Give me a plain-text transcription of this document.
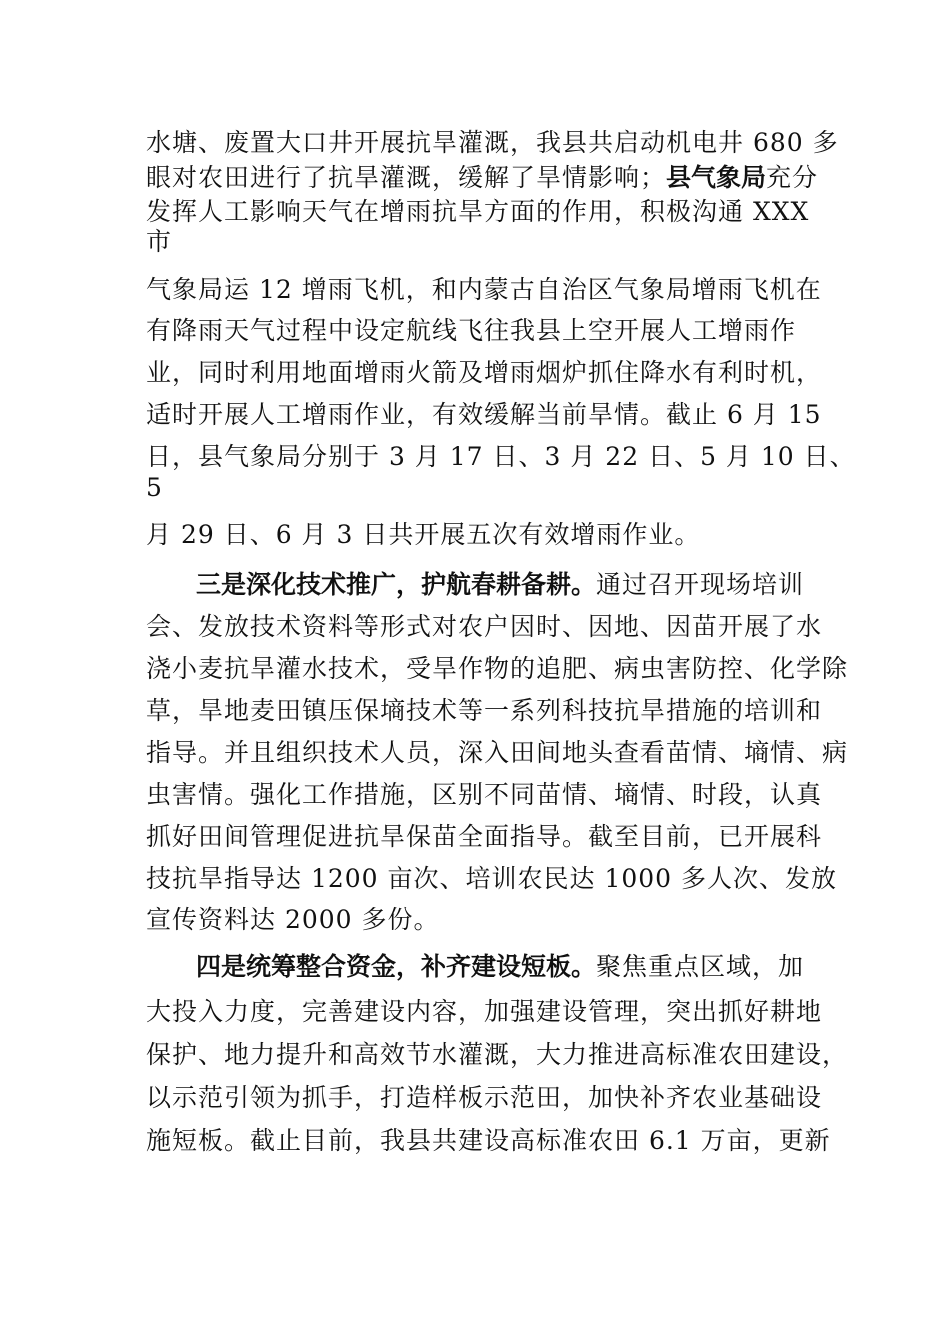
水塘、废置大口井开展抗旱灌溉，我县共启动机电井 680 多
眼对农田进行了抗旱灌溉，缓解了旱情影响；县气象局充分
发挥人工影响天气在增雨抗旱方面的作用，积极沟通 XXX
市
气象局运 12 增雨飞机，和内蒙古自治区气象局增雨飞机在
有降雨天气过程中设定航线飞往我县上空开展人工增雨作
业，同时利用地面增雨火箭及增雨烟炉抓住降水有利时机，
适时开展人工增雨作业，有效缓解当前旱情。截止 6 月 15
日，县气象局分别于 3 月 17 日、3 月 22 日、5 月 10 日、
5
月 29 日、6 月 3 日共开展五次有效增雨作业。
三是深化技术推广，护航春耕备耕。通过召开现场培训
会、发放技术资料等形式对农户因时、因地、因苗开展了水
浇小麦抗旱灌水技术，受旱作物的追肥、病虫害防控、化学除
草，旱地麦田镇压保墒技术等一系列科技抗旱措施的培训和
指导。并且组织技术人员，深入田间地头查看苗情、墒情、病
虫害情。强化工作措施，区别不同苗情、墒情、时段，认真
抓好田间管理促进抗旱保苗全面指导。截至目前，已开展科
技抗旱指导达 1200 亩次、培训农民达 1000 多人次、发放
宣传资料达 2000 多份。
四是统筹整合资金，补齐建设短板。聚焦重点区域，加
大投入力度，完善建设内容，加强建设管理，突出抓好耕地
保护、地力提升和高效节水灌溉，大力推进高标准农田建设，
以示范引领为抓手，打造样板示范田，加快补齐农业基础设
施短板。截止目前，我县共建设高标准农田 6.1 万亩，更新
